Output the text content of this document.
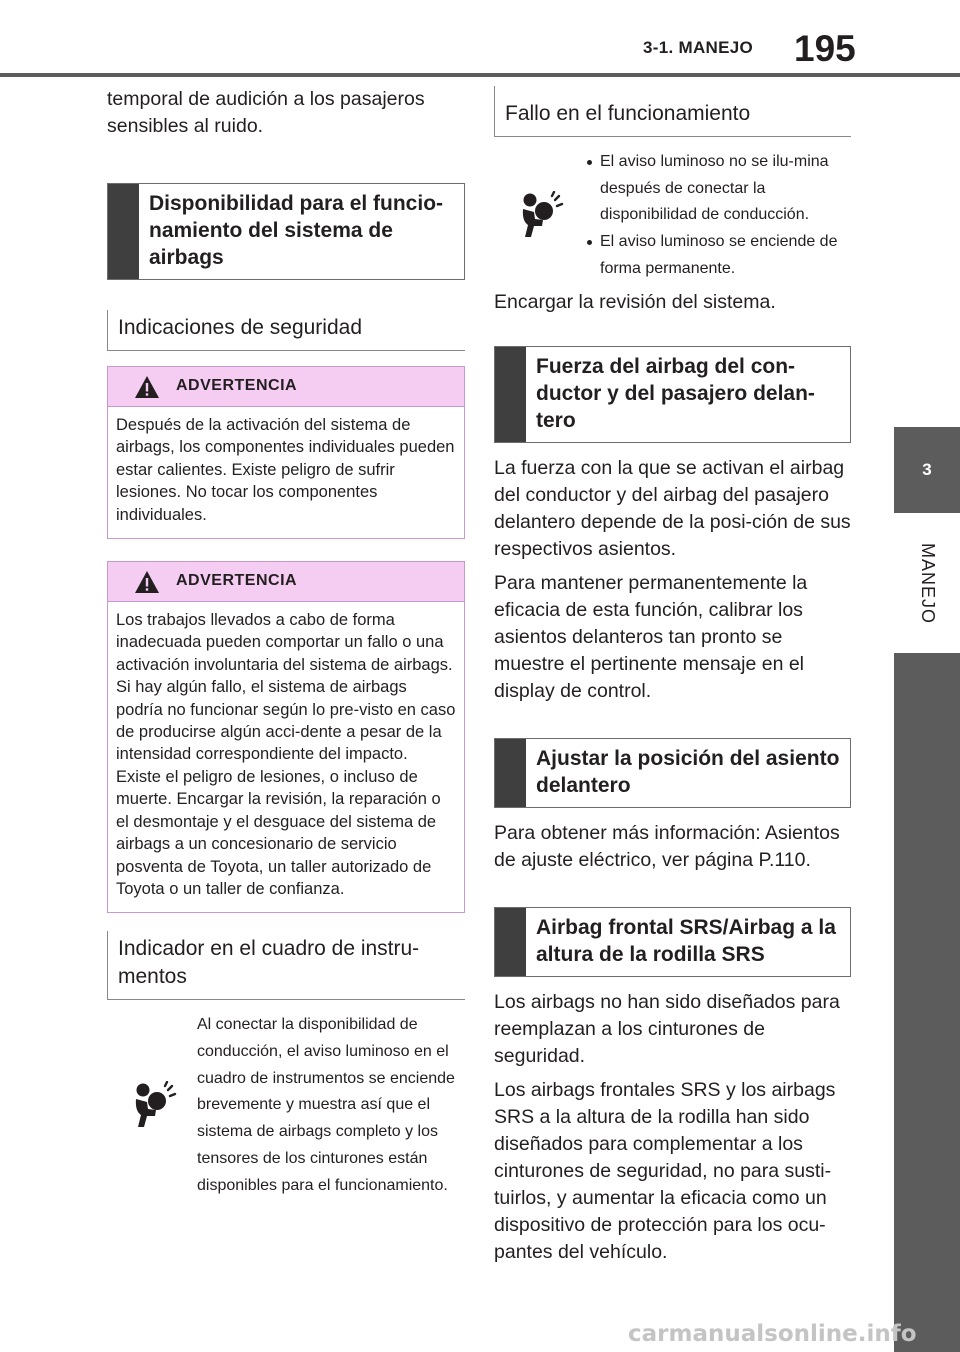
3-1. MANEJO 195
3
MANEJO

temporal de audición a los pasajeros sensibles al ruido.

Disponibilidad para el funcio-namiento del sistema de airbags
Indicaciones de seguridad
ADVERTENCIA
Después de la activación del sistema de airbags, los componentes individuales pueden estar calientes. Existe peligro de sufrir lesiones. No tocar los componentes individuales.
ADVERTENCIA
Los trabajos llevados a cabo de forma inadecuada pueden comportar un fallo o una activación involuntaria del sistema de airbags. Si hay algún fallo, el sistema de airbags podría no funcionar según lo pre-visto en caso de producirse algún acci-dente a pesar de la intensidad correspondiente del impacto. Existe el peligro de lesiones, o incluso de muerte. Encargar la revisión, la reparación o el desmontaje y el desguace del sistema de airbags a un concesionario de servicio posventa de Toyota, un taller autorizado de Toyota o un taller de confianza.
Indicador en el cuadro de instru-mentos
Al conectar la disponibilidad de conducción, el aviso luminoso en el cuadro de instrumentos se enciende brevemente y muestra así que el sistema de airbags completo y los tensores de los cinturones están disponibles para el funcionamiento.
Fallo en el funcionamiento
El aviso luminoso no se ilu-mina después de conectar la disponibilidad de conducción.
El aviso luminoso se enciende de forma permanente.

Encargar la revisión del sistema.

Fuerza del airbag del con-ductor y del pasajero delan-tero

La fuerza con la que se activan el airbag del conductor y del airbag del pasajero delantero depende de la posi-ción de sus respectivos asientos.

Para mantener permanentemente la eficacia de esta función, calibrar los asientos delanteros tan pronto se muestre el pertinente mensaje en el display de control.

Ajustar la posición del asiento delantero

Para obtener más información: Asientos de ajuste eléctrico, ver página P.110.

Airbag frontal SRS/Airbag a la altura de la rodilla SRS

Los airbags no han sido diseñados para reemplazan a los cinturones de seguridad.

Los airbags frontales SRS y los airbags SRS a la altura de la rodilla han sido diseñados para complementar a los cinturones de seguridad, no para susti-tuirlos, y aumentar la eficacia como un dispositivo de protección para los ocu-pantes del vehículo.

carmanualsonline.info
